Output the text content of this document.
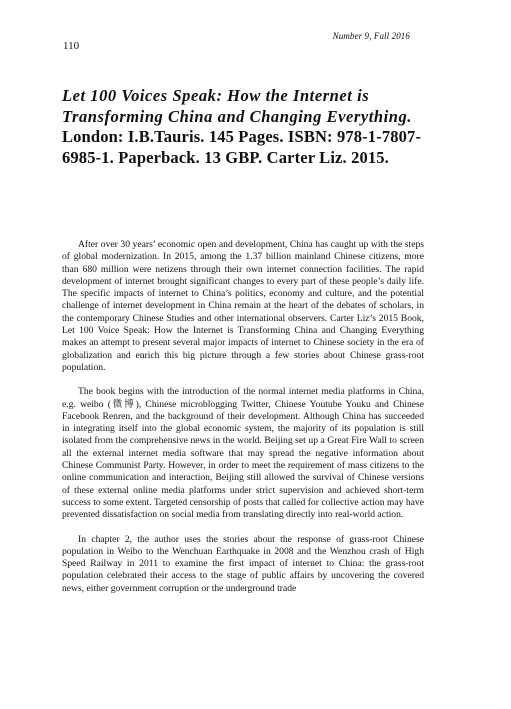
Number 9, Fall 2016
110
Let 100 Voices Speak: How the Internet is Transforming China and Changing Everything. London: I.B.Tauris. 145 Pages. ISBN: 978-1-7807-6985-1. Paperback. 13 GBP. Carter Liz. 2015.

After over 30 years’ economic open and development, China has caught up with the steps of global modernization. In 2015, among the 1.37 billion mainland Chinese citizens, more than 680 million were netizens through their own internet connection facilities. The rapid development of internet brought significant changes to every part of these people’s daily life. The specific impacts of internet to China’s politics, economy and culture, and the potential challenge of internet development in China remain at the heart of the debates of scholars, in the contemporary Chinese Studies and other international observers. Carter Liz’s 2015 Book, Let 100 Voice Speak: How the Internet is Transforming China and Changing Everything makes an attempt to present several major impacts of internet to Chinese society in the era of globalization and enrich this big picture through a few stories about Chinese grass-root population.

The book begins with the introduction of the normal internet media platforms in China, e.g. weibo (微博), Chinese microblogging Twitter, Chinese Youtube Youku and Chinese Facebook Renren, and the background of their development. Although China has succeeded in integrating itself into the global economic system, the majority of its population is still isolated from the comprehensive news in the world. Beijing set up a Great Fire Wall to screen all the external internet media software that may spread the negative information about Chinese Communist Party. However, in order to meet the requirement of mass citizens to the online communication and interaction, Beijing still allowed the survival of Chinese versions of these external online media platforms under strict supervision and achieved short-term success to some extent. Targeted censorship of posts that called for collective action may have prevented dissatisfaction on social media from translating directly into real-world action.

In chapter 2, the author uses the stories about the response of grass-root Chinese population in Weibo to the Wenchuan Earthquake in 2008 and the Wenzhou crash of High Speed Railway in 2011 to examine the first impact of internet to China: the grass-root population celebrated their access to the stage of public affairs by uncovering the covered news, either government corruption or the underground trade
